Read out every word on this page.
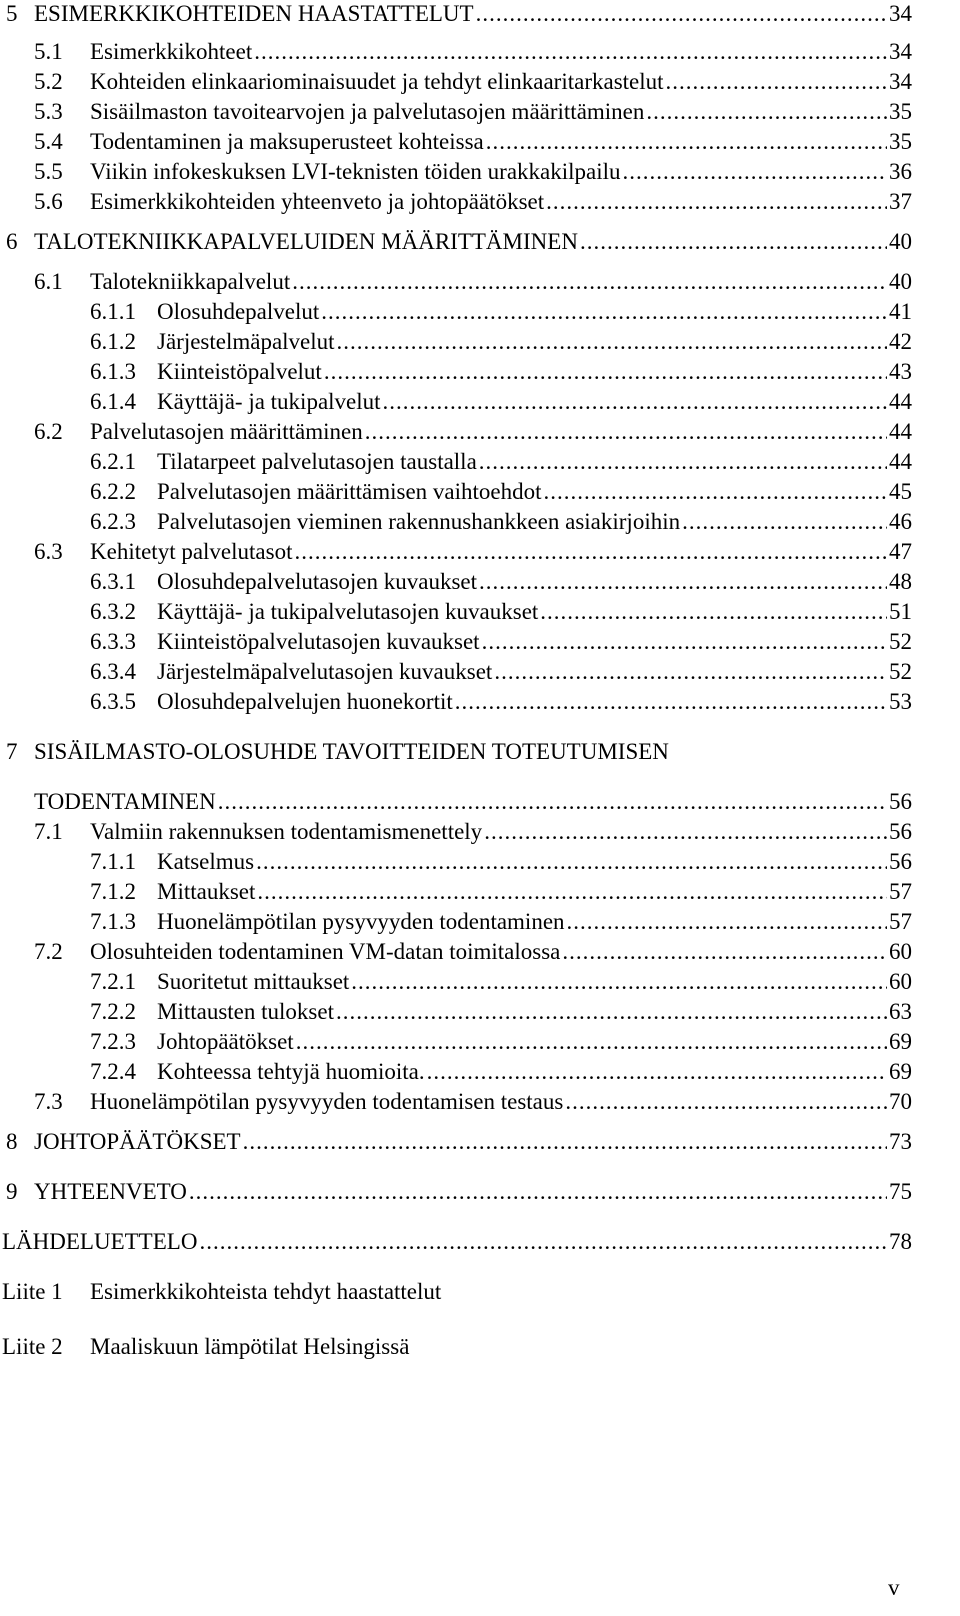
5 ESIMERKKIKOHTEIDEN HAASTATTELUT .....	34
5.1 Esimerkkikohteet .....	34
5.2 Kohteiden elinkaariominaisuudet ja tehdyt elinkaaritarkastelut .....	34
5.3 Sisäilmaston tavoitearvojen ja palvelutasojen määrittäminen .....	35
5.4 Todentaminen ja maksuperusteet kohteissa .....	35
5.5 Viikin infokeskuksen LVI-teknisten töiden urakkakilpailu .....	36
5.6 Esimerkkikohteiden yhteenveto ja johtopäätökset .....	37
6 TALOTEKNIIKKAPALVELUIDEN MÄÄRITTÄMINEN .....	40
6.1 Talotekniikkapalvelut .....	40
6.1.1 Olosuhdepalvelut .....	41
6.1.2 Järjestelmäpalvelut .....	42
6.1.3 Kiinteistöpalvelut .....	43
6.1.4 Käyttäjä- ja tukipalvelut .....	44
6.2 Palvelutasojen määrittäminen .....	44
6.2.1 Tilatarpeet palvelutasojen taustalla .....	44
6.2.2 Palvelutasojen määrittämisen vaihtoehdot .....	45
6.2.3 Palvelutasojen vieminen rakennushankkeen asiakirjoihin .....	46
6.3 Kehitetyt palvelutasot .....	47
6.3.1 Olosuhdepalvelutasojen kuvaukset .....	48
6.3.2 Käyttäjä- ja tukipalvelutasojen kuvaukset .....	51
6.3.3 Kiinteistöpalvelutasojen kuvaukset .....	52
6.3.4 Järjestelmäpalvelutasojen kuvaukset .....	52
6.3.5 Olosuhdepalvelujen huonekortit .....	53
7 SISÄILMASTO-OLOSUHDE TAVOITTEIDEN TOTEUTUMISEN
TODENTAMINEN .....	56
7.1 Valmiin rakennuksen todentamismenettely .....	56
7.1.1 Katselmus .....	56
7.1.2 Mittaukset .....	57
7.1.3 Huonelämpötilan pysyvyyden todentaminen .....	57
7.2 Olosuhteiden todentaminen VM-datan toimitalossa .....	60
7.2.1 Suoritetut mittaukset .....	60
7.2.2 Mittausten tulokset .....	63
7.2.3 Johtopäätökset .....	69
7.2.4 Kohteessa tehtyjä huomioita. .....	69
7.3 Huonelämpötilan pysyvyyden todentamisen testaus .....	70
8 JOHTOPÄÄTÖKSET .....	73
9 YHTEENVETO .....	75
LÄHDELUETTELO .....	78
Liite 1 Esimerkkikohteista tehdyt haastattelut
Liite 2 Maaliskuun lämpötilat Helsingissä
v
